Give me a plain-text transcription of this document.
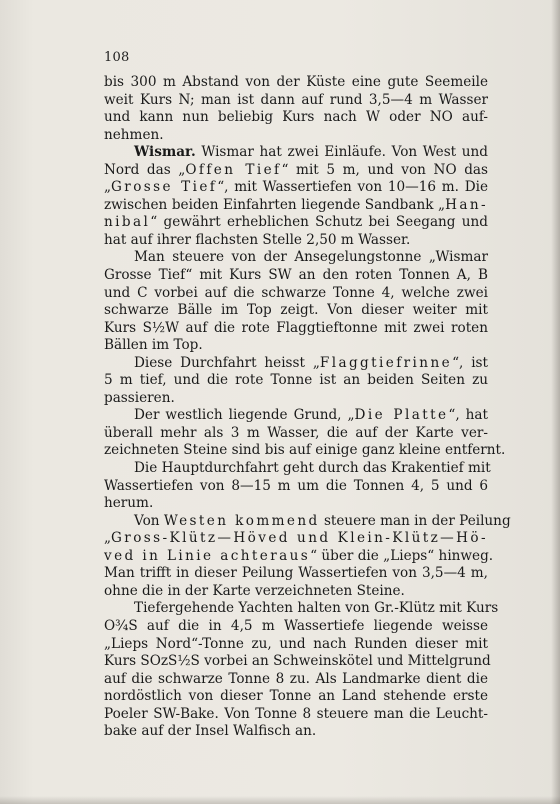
108
bis 300 m Abstand von der Küste eine gute Seemeile
weit Kurs N; man ist dann auf rund 3,5—4 m Wasser
und kann nun beliebig Kurs nach W oder NO auf-
nehmen.
Wismar. Wismar hat zwei Einläufe. Von West und
Nord das „Offen Tief“ mit 5 m, und von NO das
„Grosse Tief“, mit Wassertiefen von 10—16 m. Die
zwischen beiden Einfahrten liegende Sandbank „Han-
nibal“ gewährt erheblichen Schutz bei Seegang und
hat auf ihrer flachsten Stelle 2,50 m Wasser.
Man steuere von der Ansegelungstonne „Wismar
Grosse Tief“ mit Kurs SW an den roten Tonnen A, B
und C vorbei auf die schwarze Tonne 4, welche zwei
schwarze Bälle im Top zeigt. Von dieser weiter mit
Kurs S½W auf die rote Flaggtieftonne mit zwei roten
Bällen im Top.
Diese Durchfahrt heisst „Flaggtiefrinne“, ist
5 m tief, und die rote Tonne ist an beiden Seiten zu
passieren.
Der westlich liegende Grund, „Die Platte“, hat
überall mehr als 3 m Wasser, die auf der Karte ver-
zeichneten Steine sind bis auf einige ganz kleine entfernt.
Die Hauptdurchfahrt geht durch das Krakentief mit
Wassertiefen von 8—15 m um die Tonnen 4, 5 und 6
herum.
Von Westen kommend steuere man in der Peilung
„Gross-Klütz—Höved und Klein-Klütz—Hö-
ved in Linie achteraus“ über die „Lieps“ hinweg.
Man trifft in dieser Peilung Wassertiefen von 3,5—4 m,
ohne die in der Karte verzeichneten Steine.
Tiefergehende Yachten halten von Gr.-Klütz mit Kurs
O¾S auf die in 4,5 m Wassertiefe liegende weisse
„Lieps Nord“-Tonne zu, und nach Runden dieser mit
Kurs SOzS½S vorbei an Schweinskötel und Mittelgrund
auf die schwarze Tonne 8 zu. Als Landmarke dient die
nordöstlich von dieser Tonne an Land stehende erste
Poeler SW-Bake. Von Tonne 8 steuere man die Leucht-
bake auf der Insel Walfisch an.
